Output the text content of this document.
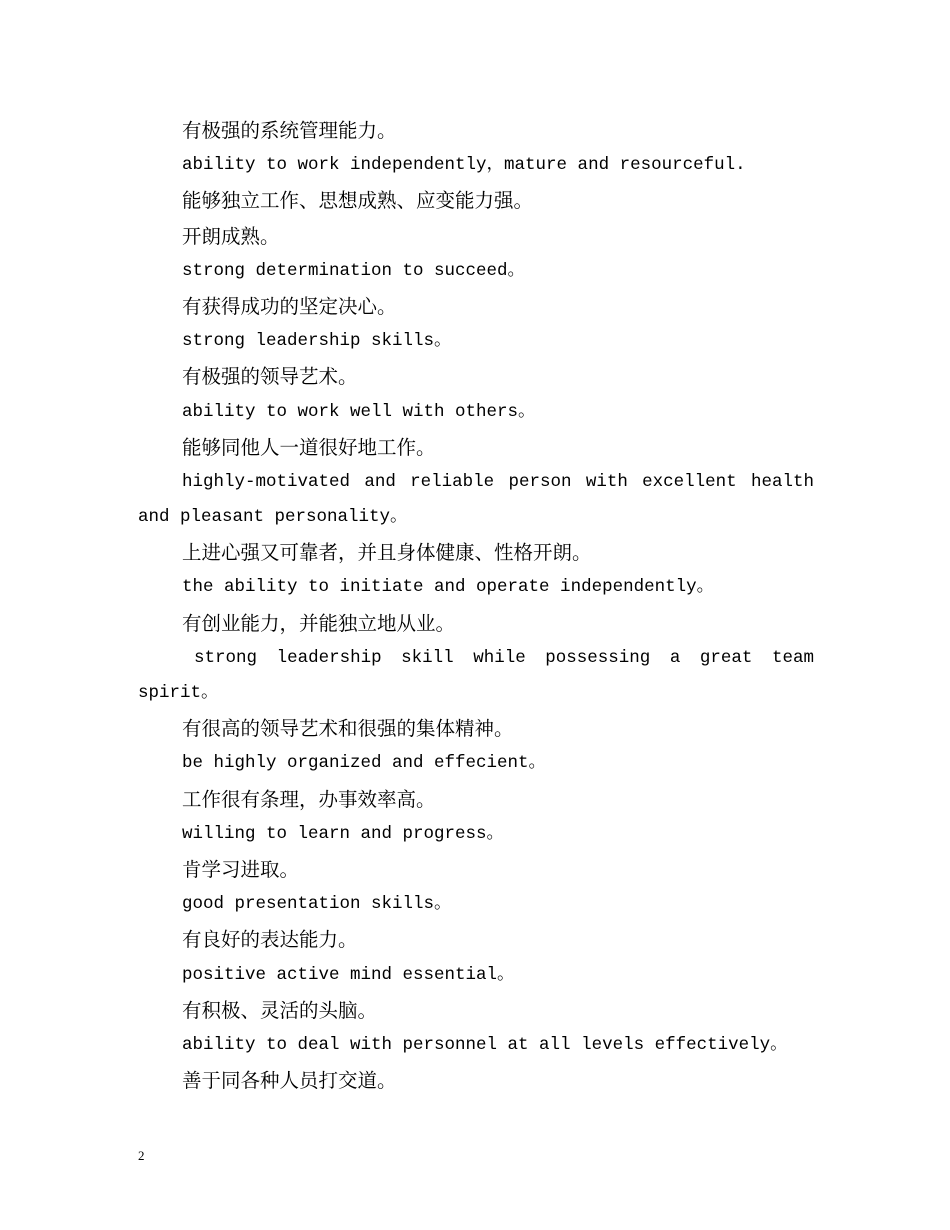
有极强的系统管理能力。
ability to work independently，mature and resourceful.
能够独立工作、思想成熟、应变能力强。
开朗成熟。
strong determination to succeed。
有获得成功的坚定决心。
strong leadership skills。
有极强的领导艺术。
ability to work well with others。
能够同他人一道很好地工作。
highly-motivated and reliable person with excellent health
and pleasant personality。
上进心强又可靠者，并且身体健康、性格开朗。
the ability to initiate and operate independently。
有创业能力，并能独立地从业。
strong leadership skill while possessing a great team
spirit。
有很高的领导艺术和很强的集体精神。
be highly organized and effecient。
工作很有条理，办事效率高。
willing to learn and progress。
肯学习进取。
good presentation skills。
有良好的表达能力。
positive active mind essential。
有积极、灵活的头脑。
ability to deal with personnel at all levels effectively。
善于同各种人员打交道。
2
